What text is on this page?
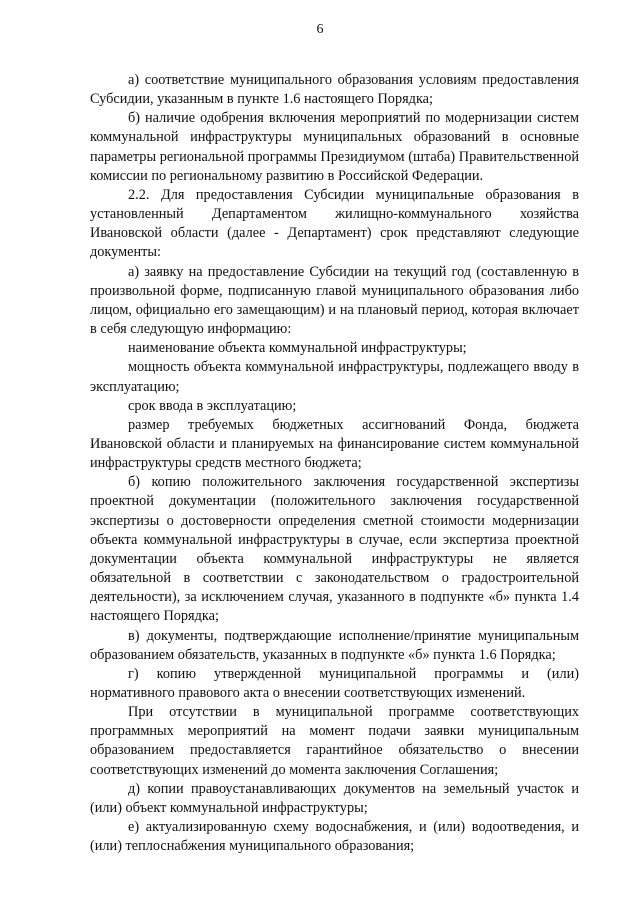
6

а) соответствие муниципального образования условиям предоставления Субсидии, указанным в пункте 1.6 настоящего Порядка;

б) наличие одобрения включения мероприятий по модернизации систем коммунальной инфраструктуры муниципальных образований в основные параметры региональной программы Президиумом (штаба) Правительственной комиссии по региональному развитию в Российской Федерации.

2.2. Для предоставления Субсидии муниципальные образования в установленный Департаментом жилищно-коммунального хозяйства Ивановской области (далее - Департамент) срок представляют следующие документы:

а) заявку на предоставление Субсидии на текущий год (составленную в произвольной форме, подписанную главой муниципального образования либо лицом, официально его замещающим) и на плановый период, которая включает в себя следующую информацию:

наименование объекта коммунальной инфраструктуры;

мощность объекта коммунальной инфраструктуры, подлежащего вводу в эксплуатацию;

срок ввода в эксплуатацию;

размер требуемых бюджетных ассигнований Фонда, бюджета Ивановской области и планируемых на финансирование систем коммунальной инфраструктуры средств местного бюджета;

б) копию положительного заключения государственной экспертизы проектной документации (положительного заключения государственной экспертизы о достоверности определения сметной стоимости модернизации объекта коммунальной инфраструктуры в случае, если экспертиза проектной документации объекта коммунальной инфраструктуры не является обязательной в соответствии с законодательством о градостроительной деятельности), за исключением случая, указанного в подпункте «б» пункта 1.4 настоящего Порядка;

в) документы, подтверждающие исполнение/принятие муниципальным образованием обязательств, указанных в подпункте «б» пункта 1.6 Порядка;

г) копию утвержденной муниципальной программы и (или) нормативного правового акта о внесении соответствующих изменений.

При отсутствии в муниципальной программе соответствующих программных мероприятий на момент подачи заявки муниципальным образованием предоставляется гарантийное обязательство о внесении соответствующих изменений до момента заключения Соглашения;

д) копии правоустанавливающих документов на земельный участок и (или) объект коммунальной инфраструктуры;

е) актуализированную схему водоснабжения, и (или) водоотведения, и (или) теплоснабжения муниципального образования;
